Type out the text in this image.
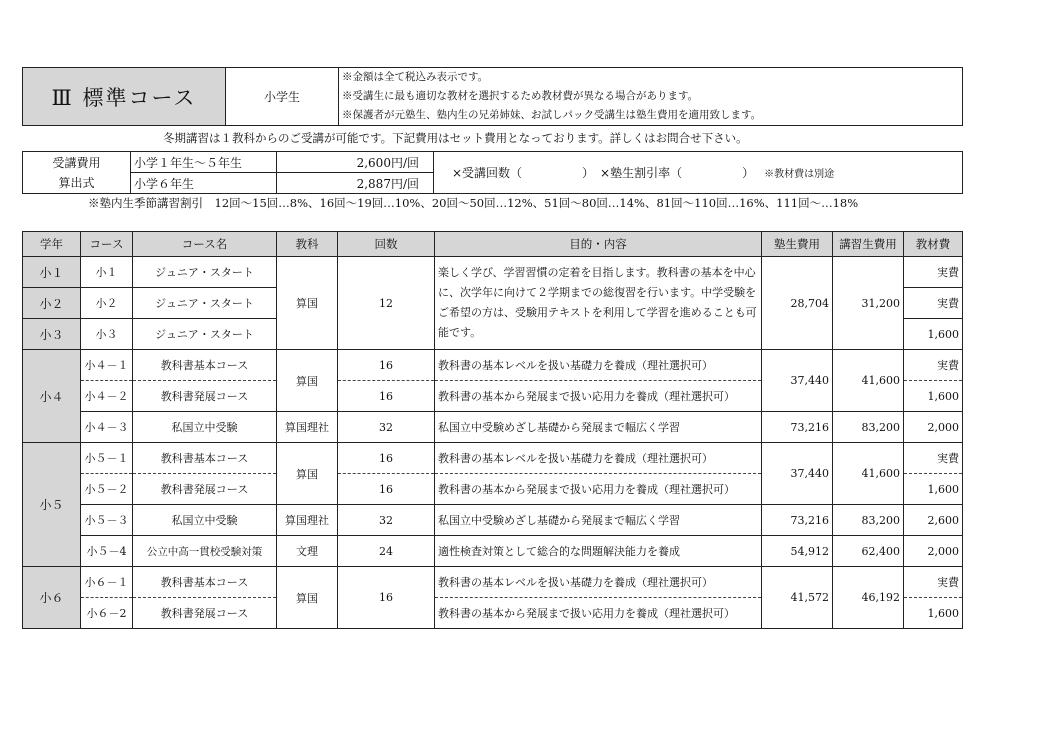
Ⅲ 標準コース	小学生	
※金額は全て税込み表示です。
※受講生に最も適切な教材を選択するため教材費が異なる場合があります。
※保護者が元塾生、塾内生の兄弟姉妹、お試しパック受講生は塾生費用を適用致します。
冬期講習は１教科からのご受講が可能です。下記費用はセット費用となっております。詳しくはお問合せ下さい。
受講費用	小学１年生～５年生	2,600円/回	×受講回数（　　　　　）　×塾生割引率（　　　　　） ※教材費は別途
算出式	小学６年生	2,887円/回	
※塾内生季節講習割引　12回～15回…8%、16回～19回…10%、20回～50回…12%、51回～80回…14%、81回～110回…16%、111回～…18%
学年	コース	コース名	教科	回数	目的・内容	塾生費用	講習生費用	教材費
小１	小１	ジュニア・スタート	算国	12	楽しく学び、学習習慣の定着を目指します。教科書の基本を中心に、次学年に向けて２学期までの総復習を行います。中学受験をご希望の方は、受験用テキストを利用して学習を進めることも可能です。	28,704	31,200	実費
小２	小２	ジュニア・スタート						実費
小３	小３	ジュニア・スタート						1,600
小４	小４－１	教科書基本コース	算国	16	教科書の基本レベルを扱い基礎力を養成（理社選択可）	37,440	41,600	実費
	小４－２	教科書発展コース		16	教科書の基本から発展まで扱い応用力を養成（理社選択可）			1,600
	小４－３	私国立中受験	算国理社	32	私国立中受験めざし基礎から発展まで幅広く学習	73,216	83,200	2,000
小５	小５－１	教科書基本コース	算国	16	教科書の基本レベルを扱い基礎力を養成（理社選択可）	37,440	41,600	実費
	小５－２	教科書発展コース		16	教科書の基本から発展まで扱い応用力を養成（理社選択可）			1,600
	小５－３	私国立中受験	算国理社	32	私国立中受験めざし基礎から発展まで幅広く学習	73,216	83,200	2,600
	小５－4	公立中高一貫校受験対策	文理	24	適性検査対策として総合的な問題解決能力を養成	54,912	62,400	2,000
小６	小６－１	教科書基本コース	算国	16	教科書の基本レベルを扱い基礎力を養成（理社選択可）	41,572	46,192	実費
	小６－2	教科書発展コース			教科書の基本から発展まで扱い応用力を養成（理社選択可）			1,600
